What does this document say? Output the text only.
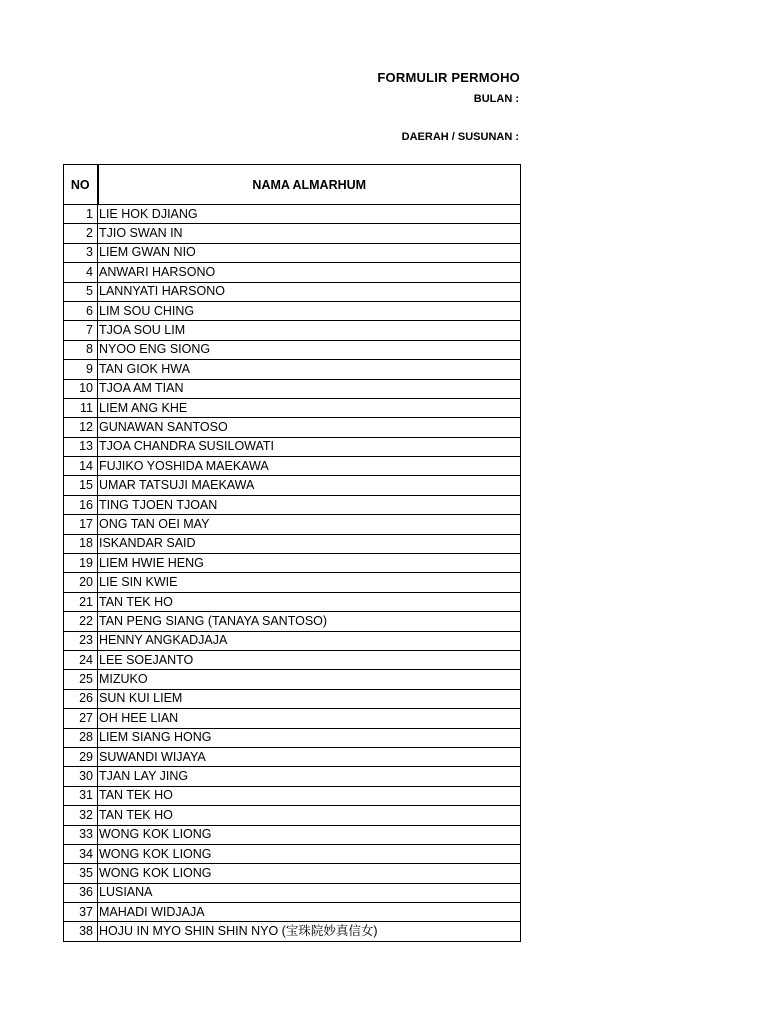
FORMULIR PERMOHO
BULAN :
DAERAH / SUSUNAN :
NO	NAMA ALMARHUM
1	LIE HOK DJIANG
2	TJIO SWAN IN
3	LIEM GWAN NIO
4	ANWARI HARSONO
5	LANNYATI HARSONO
6	LIM SOU CHING
7	TJOA SOU LIM
8	NYOO ENG SIONG
9	TAN GIOK HWA
10	TJOA AM TIAN
11	LIEM ANG KHE
12	GUNAWAN SANTOSO
13	TJOA CHANDRA SUSILOWATI
14	FUJIKO YOSHIDA MAEKAWA
15	UMAR TATSUJI MAEKAWA
16	TING TJOEN TJOAN
17	ONG TAN OEI MAY
18	ISKANDAR SAID
19	LIEM HWIE HENG
20	LIE SIN KWIE
21	TAN TEK HO
22	TAN PENG SIANG (TANAYA SANTOSO)
23	HENNY ANGKADJAJA
24	LEE SOEJANTO
25	MIZUKO
26	SUN KUI LIEM
27	OH HEE LIAN
28	LIEM SIANG HONG
29	SUWANDI WIJAYA
30	TJAN LAY JING
31	TAN TEK HO
32	TAN TEK HO
33	WONG KOK LIONG
34	WONG KOK LIONG
35	WONG KOK LIONG
36	LUSIANA
37	MAHADI WIDJAJA
38	HOJU IN MYO SHIN SHIN NYO (宝珠院妙真信女)
